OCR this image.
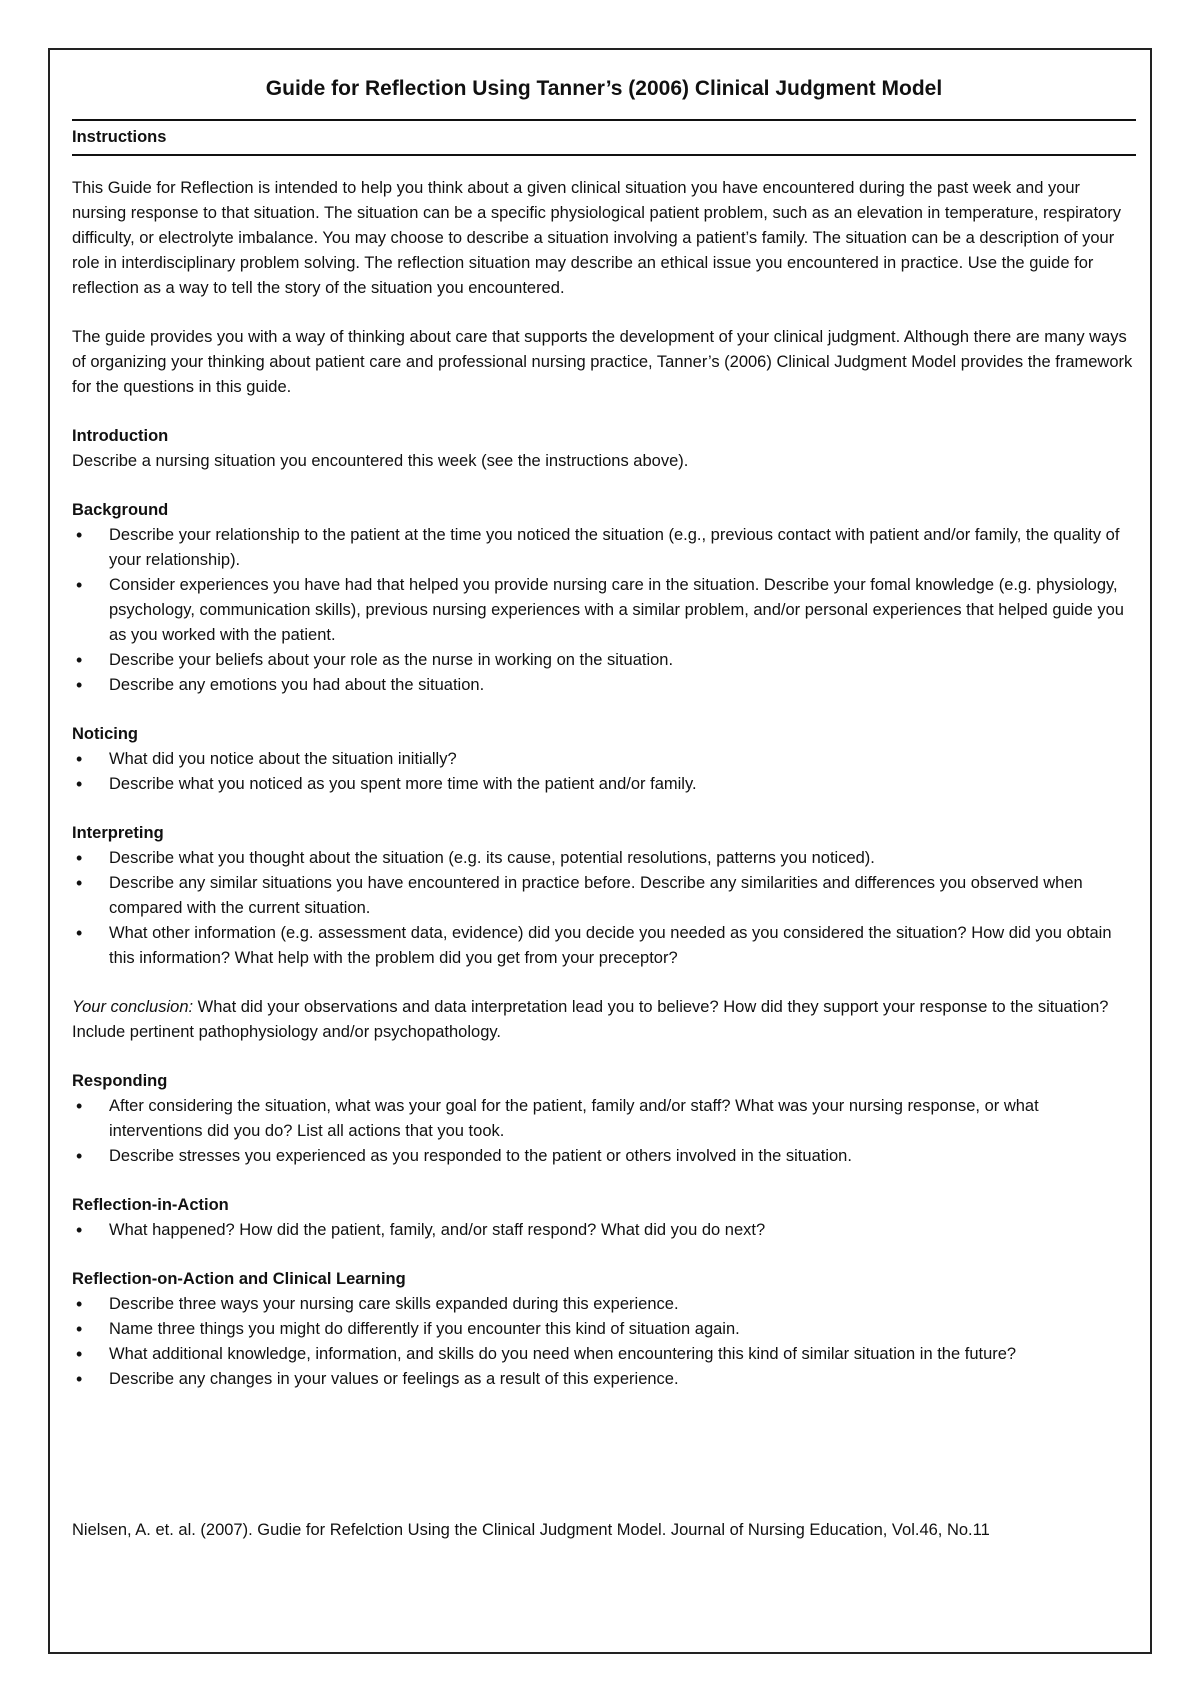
Guide for Reflection Using Tanner’s (2006) Clinical Judgment Model
Instructions

This Guide for Reflection is intended to help you think about a given clinical situation you have encountered during the past week and your nursing response to that situation. The situation can be a specific physiological patient problem, such as an elevation in temperature, respiratory difficulty, or electrolyte imbalance. You may choose to describe a situation involving a patient’s family. The situation can be a description of your role in interdisciplinary problem solving. The reflection situation may describe an ethical issue you encountered in practice. Use the guide for reflection as a way to tell the story of the situation you encountered.

The guide provides you with a way of thinking about care that supports the development of your clinical judgment. Although there are many ways of organizing your thinking about patient care and professional nursing practice, Tanner’s (2006) Clinical Judgment Model provides the framework for the questions in this guide.

Introduction
Describe a nursing situation you encountered this week (see the instructions above).
Background
• Describe your relationship to the patient at the time you noticed the situation (e.g., previous contact with patient and/or family, the quality of your relationship).
• Consider experiences you have had that helped you provide nursing care in the situation. Describe your fomal knowledge (e.g. physiology, psychology, communication skills), previous nursing experiences with a similar problem, and/or personal experiences that helped guide you as you worked with the patient.
• Describe your beliefs about your role as the nurse in working on the situation.
• Describe any emotions you had about the situation.
Noticing
• What did you notice about the situation initially?
• Describe what you noticed as you spent more time with the patient and/or family.
Interpreting
• Describe what you thought about the situation (e.g. its cause, potential resolutions, patterns you noticed).
• Describe any similar situations you have encountered in practice before. Describe any similarities and differences you observed when compared with the current situation.
• What other information (e.g. assessment data, evidence) did you decide you needed as you considered the situation? How did you obtain this information? What help with the problem did you get from your preceptor?

Your conclusion: What did your observations and data interpretation lead you to believe? How did they support your response to the situation? Include pertinent pathophysiology and/or psychopathology.

Responding
• After considering the situation, what was your goal for the patient, family and/or staff? What was your nursing response, or what interventions did you do? List all actions that you took.
• Describe stresses you experienced as you responded to the patient or others involved in the situation.
Reflection-in-Action
• What happened? How did the patient, family, and/or staff respond? What did you do next?
Reflection-on-Action and Clinical Learning
• Describe three ways your nursing care skills expanded during this experience.
• Name three things you might do differently if you encounter this kind of situation again.
• What additional knowledge, information, and skills do you need when encountering this kind of similar situation in the future?
• Describe any changes in your values or feelings as a result of this experience.
Nielsen, A. et. al. (2007). Gudie for Refelction Using the Clinical Judgment Model. Journal of Nursing Education, Vol.46, No.11
